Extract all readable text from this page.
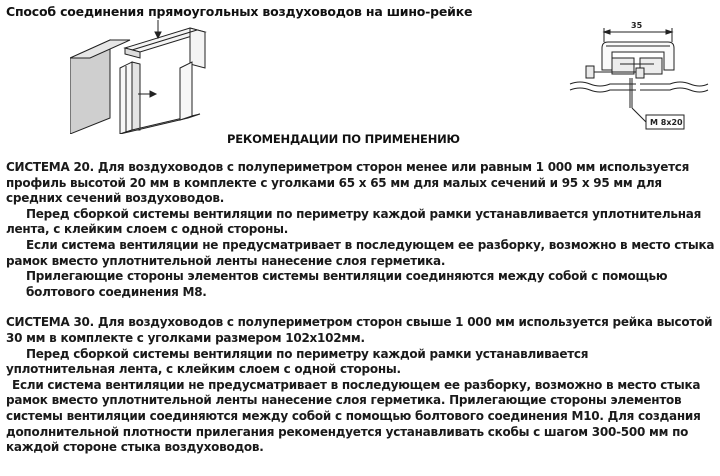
Способ соединения прямоугольных воздуховодов на шино-рейке
35
M 8x20
РЕКОМЕНДАЦИИ ПО ПРИМЕНЕНИЮ

СИСТЕМА 20. Для воздуховодов с полупериметром сторон менее или равным 1 000 мм используется

профиль высотой 20 мм в комплекте с уголками 65 х 65 мм для малых сечений и 95 х 95 мм для

средних сечений воздуховодов.

Перед сборкой системы вентиляции по периметру каждой рамки устанавливается уплотнительная

лента, с клейким слоем с одной стороны.

Если система вентиляции не предусматривает в последующем ее разборку, возможно в место стыка

рамок вместо уплотнительной ленты нанесение слоя герметика.

Прилегающие стороны элементов системы вентиляции соединяются между собой с помощью

болтового соединения М8.

СИСТЕМА 30. Для воздуховодов с полупериметром сторон свыше 1 000 мм используется рейка высотой

30 мм в комплекте с уголками размером 102х102мм.

Перед сборкой системы вентиляции по периметру каждой рамки устанавливается

уплотнительная лента, с клейким слоем с одной стороны.

Если система вентиляции не предусматривает в последующем ее разборку, возможно в место стыка

рамок вместо уплотнительной ленты нанесение слоя герметика. Прилегающие стороны элементов

системы вентиляции соединяются между собой с помощью болтового соединения М10. Для создания

дополнительной плотности прилегания рекомендуется устанавливать скобы с шагом 300-500 мм по

каждой стороне стыка воздуховодов.
